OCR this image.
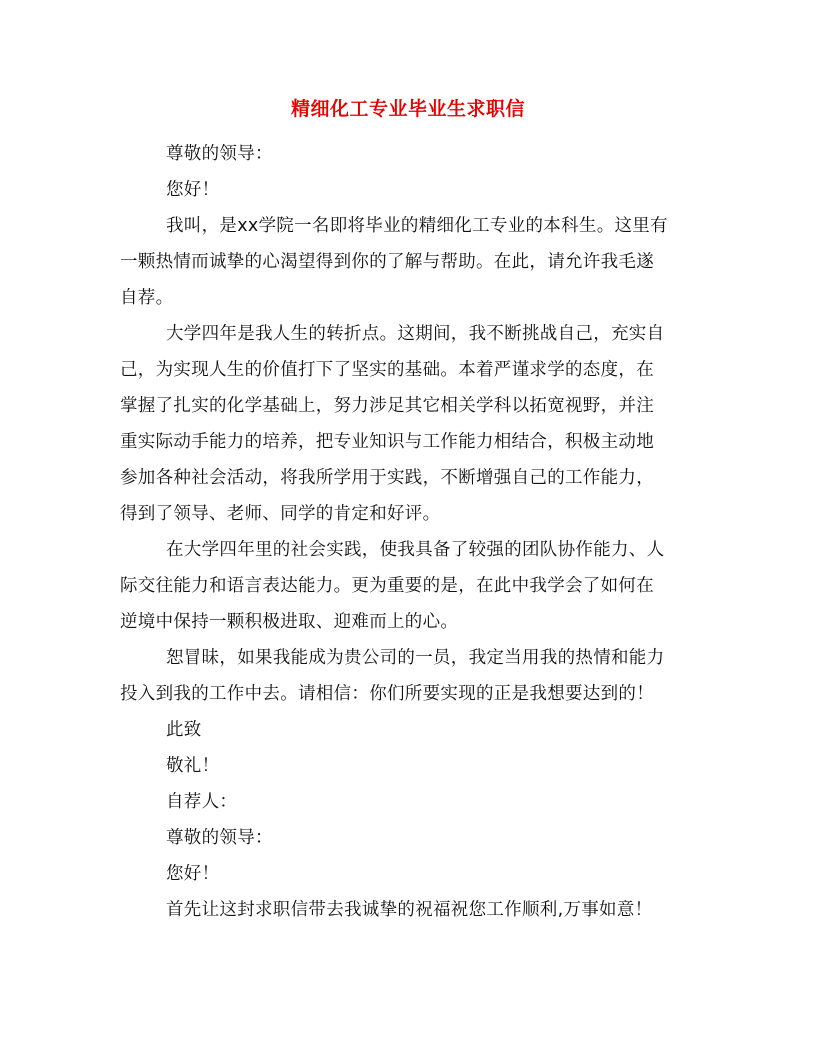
精细化工专业毕业生求职信
尊敬的领导：
您好！
我叫，是xx学院一名即将毕业的精细化工专业的本科生。这里有
一颗热情而诚挚的心渴望得到你的了解与帮助。在此，请允许我毛遂
自荐。
大学四年是我人生的转折点。这期间，我不断挑战自己，充实自
己，为实现人生的价值打下了坚实的基础。本着严谨求学的态度，在
掌握了扎实的化学基础上，努力涉足其它相关学科以拓宽视野，并注
重实际动手能力的培养，把专业知识与工作能力相结合，积极主动地
参加各种社会活动，将我所学用于实践，不断增强自己的工作能力，
得到了领导、老师、同学的肯定和好评。
在大学四年里的社会实践，使我具备了较强的团队协作能力、人
际交往能力和语言表达能力。更为重要的是，在此中我学会了如何在
逆境中保持一颗积极进取、迎难而上的心。
恕冒昧，如果我能成为贵公司的一员，我定当用我的热情和能力
投入到我的工作中去。请相信：你们所要实现的正是我想要达到的！
此致
敬礼！
自荐人：
尊敬的领导：
您好！
首先让这封求职信带去我诚挚的祝福祝您工作顺利,万事如意！
